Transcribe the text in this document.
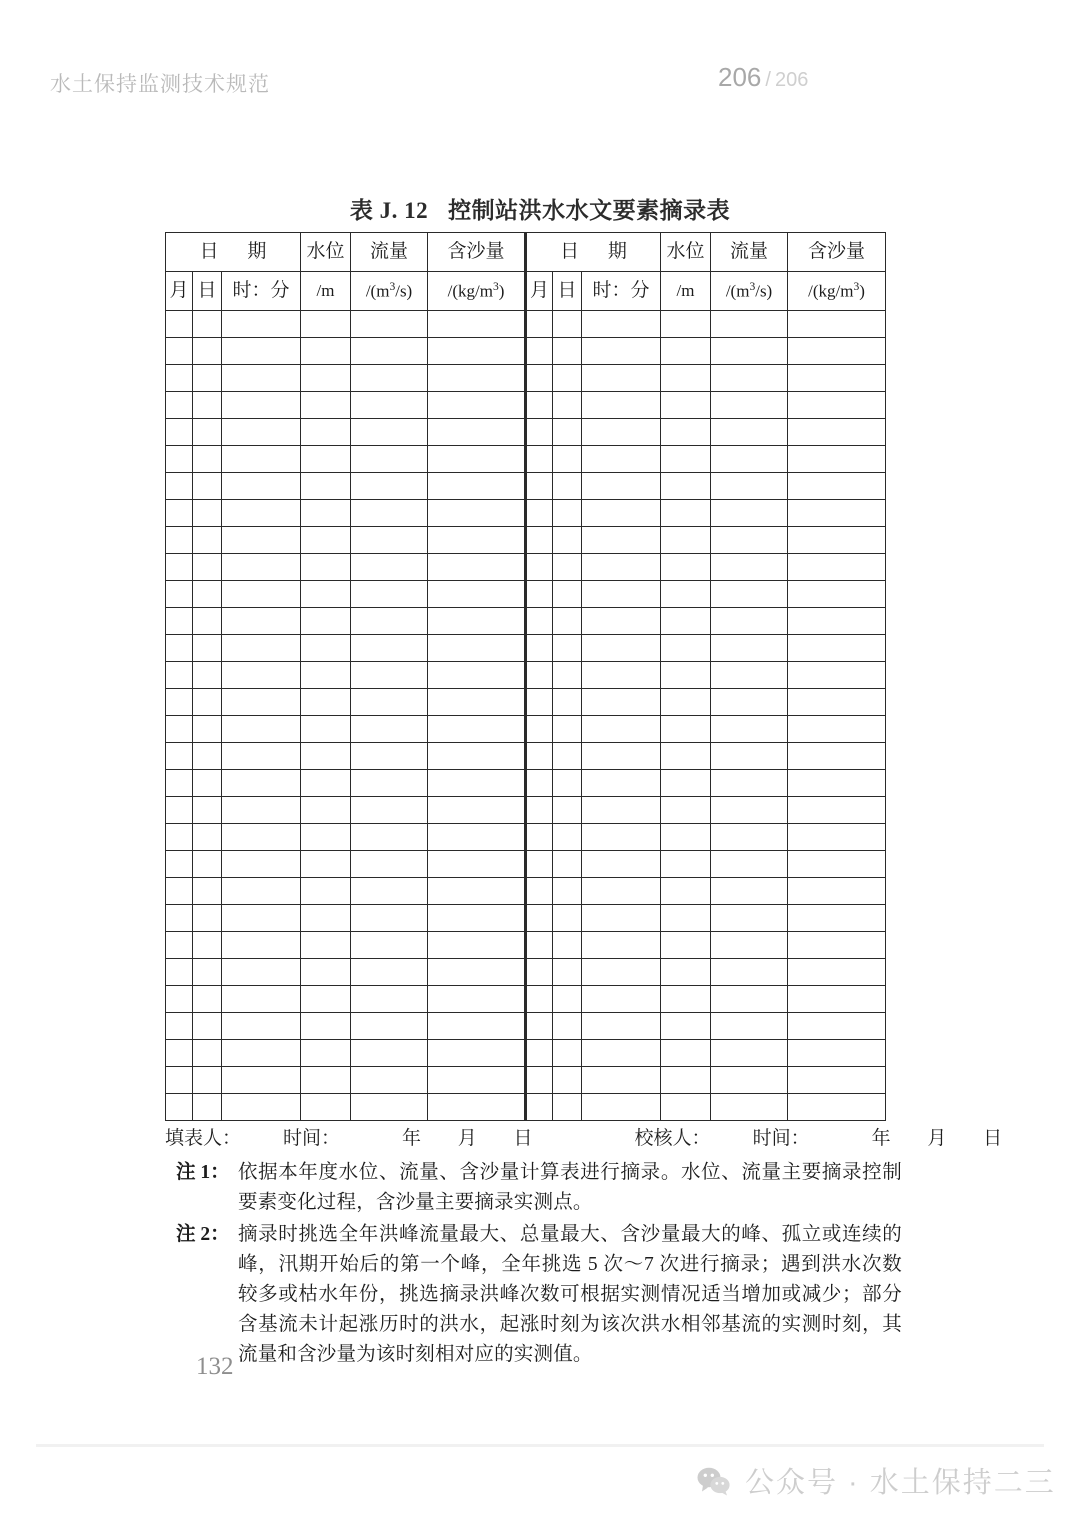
水土保持监测技术规范	206 / 206
表 J. 12 控制站洪水水文要素摘录表
日 期			水位	流量	含沙量	日 期			水位	流量	含沙量
月	日	时：分	/m	$/(m^3/s)$	$/(kg/m^3)$	月	日	时：分	/m	$/(m^3/s)$	$/(kg/m^3)$

填表人： 时间：	年 月 日	校核人： 时间：	年 月 日
注 1： 依据本年度水位、流量、含沙量计算表进行摘录。水位、流量主要摘录控制要素变化过程，含沙量主要摘录实测点。
注 2： 摘录时挑选全年洪峰流量最大、总量最大、含沙量最大的峰、孤立或连续的峰，汛期开始后的第一个峰，全年挑选 5 次～7 次进行摘录；遇到洪水次数较多或枯水年份，挑选摘录洪峰次数可根据实测情况适当增加或减少；部分含基流未计起涨历时的洪水，起涨时刻为该次洪水相邻基流的实测时刻，其流量和含沙量为该时刻相对应的实测值。
132
公众号 · 水土保持二三
